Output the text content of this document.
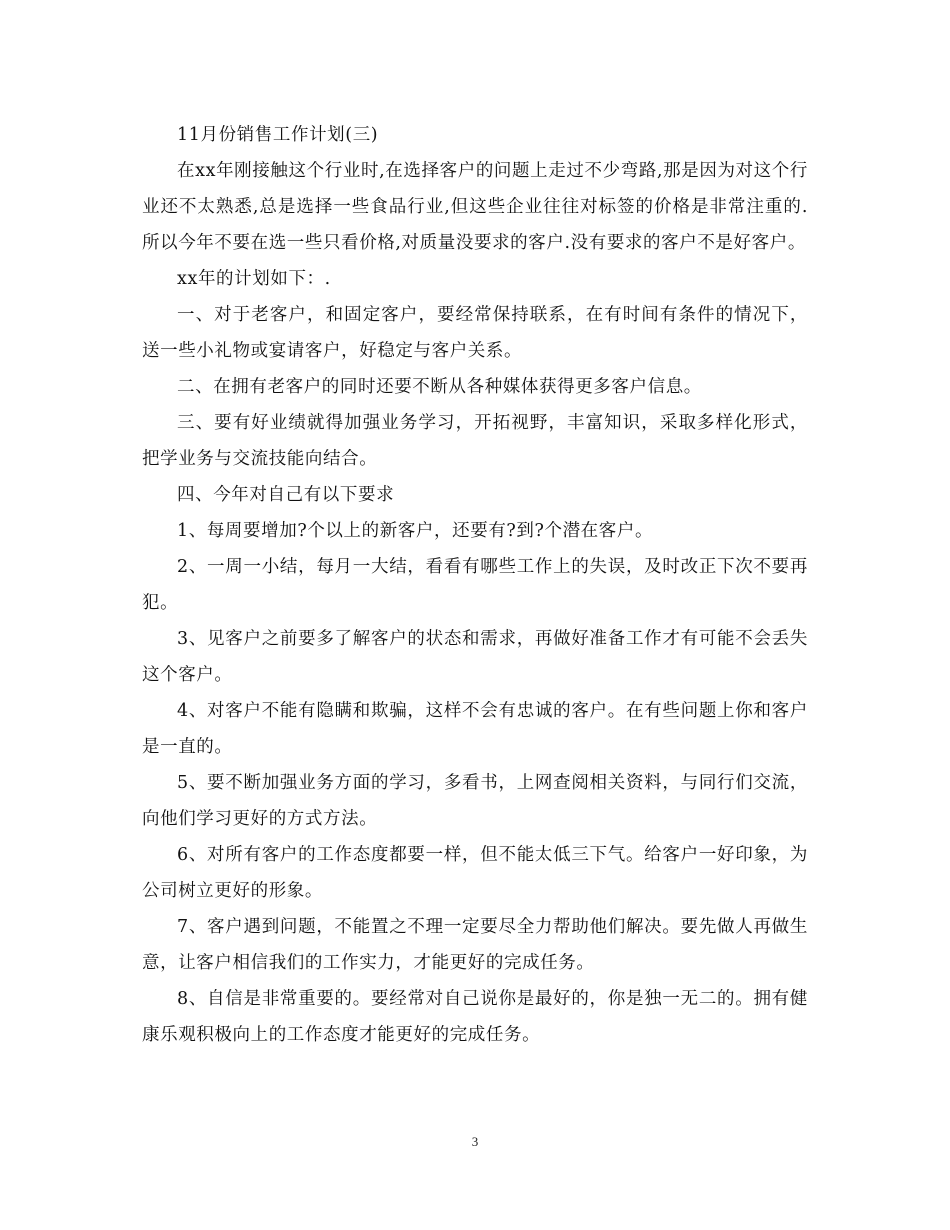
11月份销售工作计划(三)

在xx年刚接触这个行业时,在选择客户的问题上走过不少弯路,那是因为对这个行业还不太熟悉,总是选择一些食品行业,但这些企业往往对标签的价格是非常注重的.所以今年不要在选一些只看价格,对质量没要求的客户.没有要求的客户不是好客户。

xx年的计划如下：.

一、对于老客户，和固定客户，要经常保持联系，在有时间有条件的情况下，送一些小礼物或宴请客户，好稳定与客户关系。

二、在拥有老客户的同时还要不断从各种媒体获得更多客户信息。

三、要有好业绩就得加强业务学习，开拓视野，丰富知识，采取多样化形式，把学业务与交流技能向结合。

四、今年对自己有以下要求

1、每周要增加?个以上的新客户，还要有?到?个潜在客户。

2、一周一小结，每月一大结，看看有哪些工作上的失误，及时改正下次不要再犯。

3、见客户之前要多了解客户的状态和需求，再做好准备工作才有可能不会丢失这个客户。

4、对客户不能有隐瞒和欺骗，这样不会有忠诚的客户。在有些问题上你和客户是一直的。

5、要不断加强业务方面的学习，多看书，上网查阅相关资料，与同行们交流，向他们学习更好的方式方法。

6、对所有客户的工作态度都要一样，但不能太低三下气。给客户一好印象，为公司树立更好的形象。

7、客户遇到问题，不能置之不理一定要尽全力帮助他们解决。要先做人再做生意，让客户相信我们的工作实力，才能更好的完成任务。

8、自信是非常重要的。要经常对自己说你是最好的，你是独一无二的。拥有健康乐观积极向上的工作态度才能更好的完成任务。

3
